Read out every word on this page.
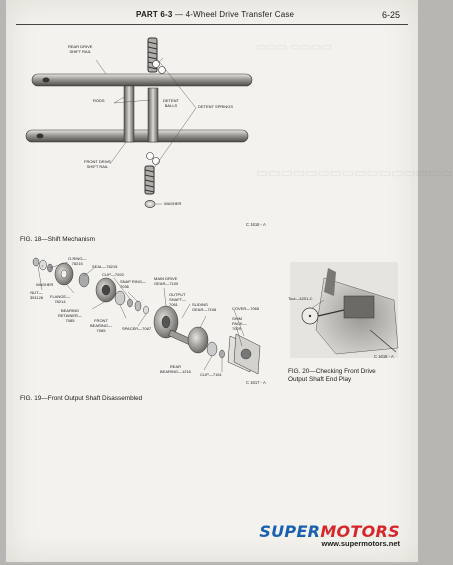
PART 6-3 — 4-Wheel Drive Transfer Case	6-25
▭▭▭ ▭▭▭▭
▭▭▭▭▭▭▭▭▭▭▭▭▭▭▭▭
REAR DRIVE
SHIFT RAIL
RODS	DETENT
BALLS	DETENT SPRINGS
FRONT DRIVE
SHIFT RAIL
WASHER
C 1616 - A
FIG. 18—Shift Mechanism
O-RING—
78215
SEAL—78215
WASHER
NUT—
351126 FLANGE—
78214
CLIP—7092
SNAP RING—
7036
MAIN DRIVE
GEAR—7100
OUTPUT
SHAFT—
7061	SLIDING
GEAR—7106	COVER—7065
SHIM
PACK—
7029
BEARING
RETAINER—
7085	FRONT
BEARING—
7065	SPACER—7067
REAR
BEARING—1216
CLIP—7161
C 1617 - A
FIG. 19—Front Output Shaft Disassembled
Tool—4201-C
C 1618 - A
FIG. 20—Checking Front Drive
Output Shaft End Play
SUPERMOTORS
www.supermotors.net
